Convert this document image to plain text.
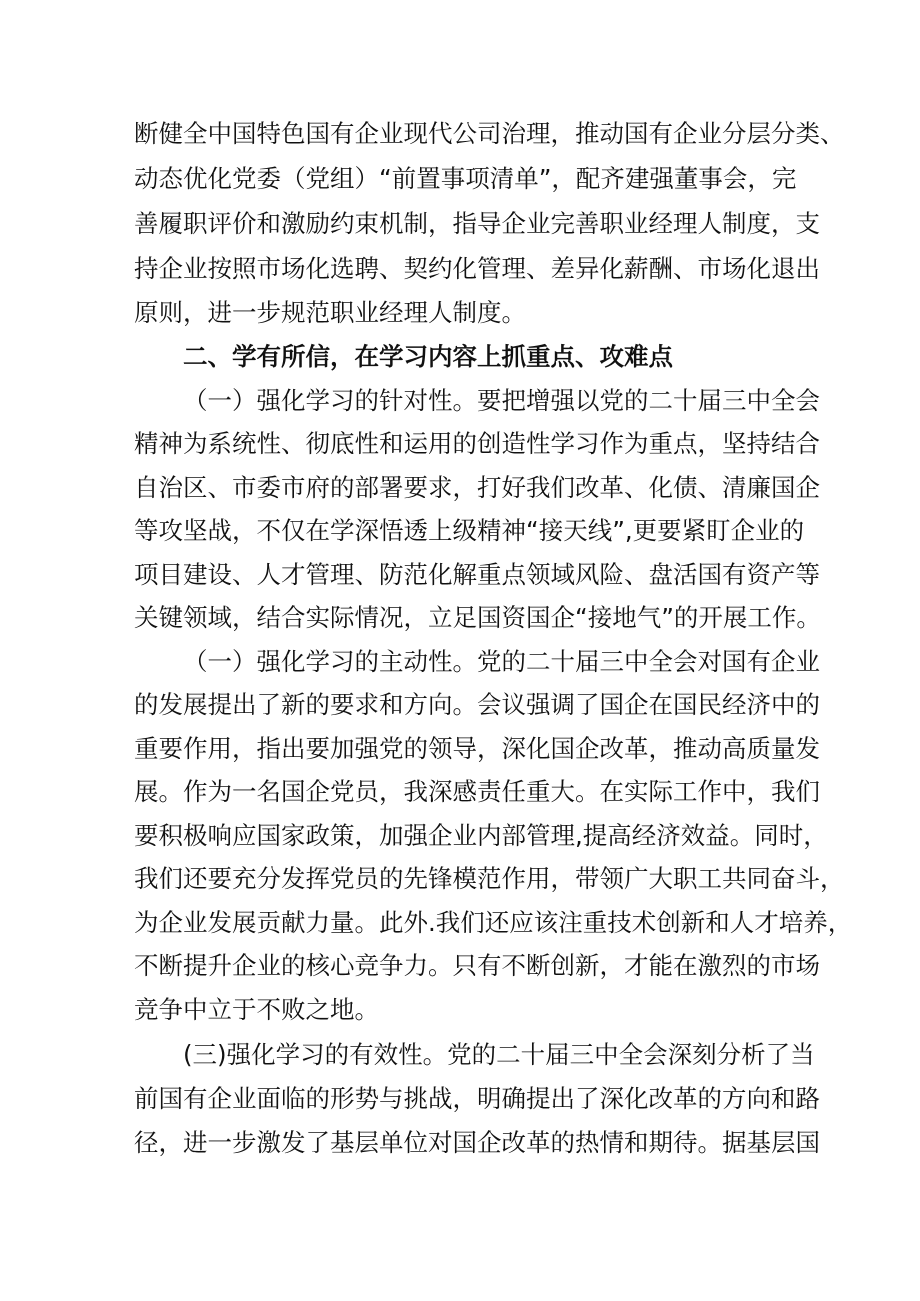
断健全中国特色国有企业现代公司治理，推动国有企业分层分类、
动态优化党委（党组）“前置事项清单”，配齐建强董事会，完
善履职评价和激励约束机制，指导企业完善职业经理人制度，支
持企业按照市场化选聘、契约化管理、差异化薪酬、市场化退出
原则，进一步规范职业经理人制度。
二、学有所信，在学习内容上抓重点、攻难点
（一）强化学习的针对性。要把增强以党的二十届三中全会
精神为系统性、彻底性和运用的创造性学习作为重点，坚持结合
自治区、市委市府的部署要求，打好我们改革、化债、清廉国企
等攻坚战，不仅在学深悟透上级精神“接天线”,更要紧盯企业的
项目建设、人才管理、防范化解重点领域风险、盘活国有资产等
关键领域，结合实际情况，立足国资国企“接地气”的开展工作。
（一）强化学习的主动性。党的二十届三中全会对国有企业
的发展提出了新的要求和方向。会议强调了国企在国民经济中的
重要作用，指出要加强党的领导，深化国企改革，推动高质量发
展。作为一名国企党员，我深感责任重大。在实际工作中，我们
要积极响应国家政策，加强企业内部管理,提高经济效益。同时，
我们还要充分发挥党员的先锋模范作用，带领广大职工共同奋斗，
为企业发展贡献力量。此外.我们还应该注重技术创新和人才培养，
不断提升企业的核心竞争力。只有不断创新，才能在激烈的市场
竞争中立于不败之地。
(三)强化学习的有效性。党的二十届三中全会深刻分析了当
前国有企业面临的形势与挑战，明确提出了深化改革的方向和路
径，进一步激发了基层单位对国企改革的热情和期待。据基层国
